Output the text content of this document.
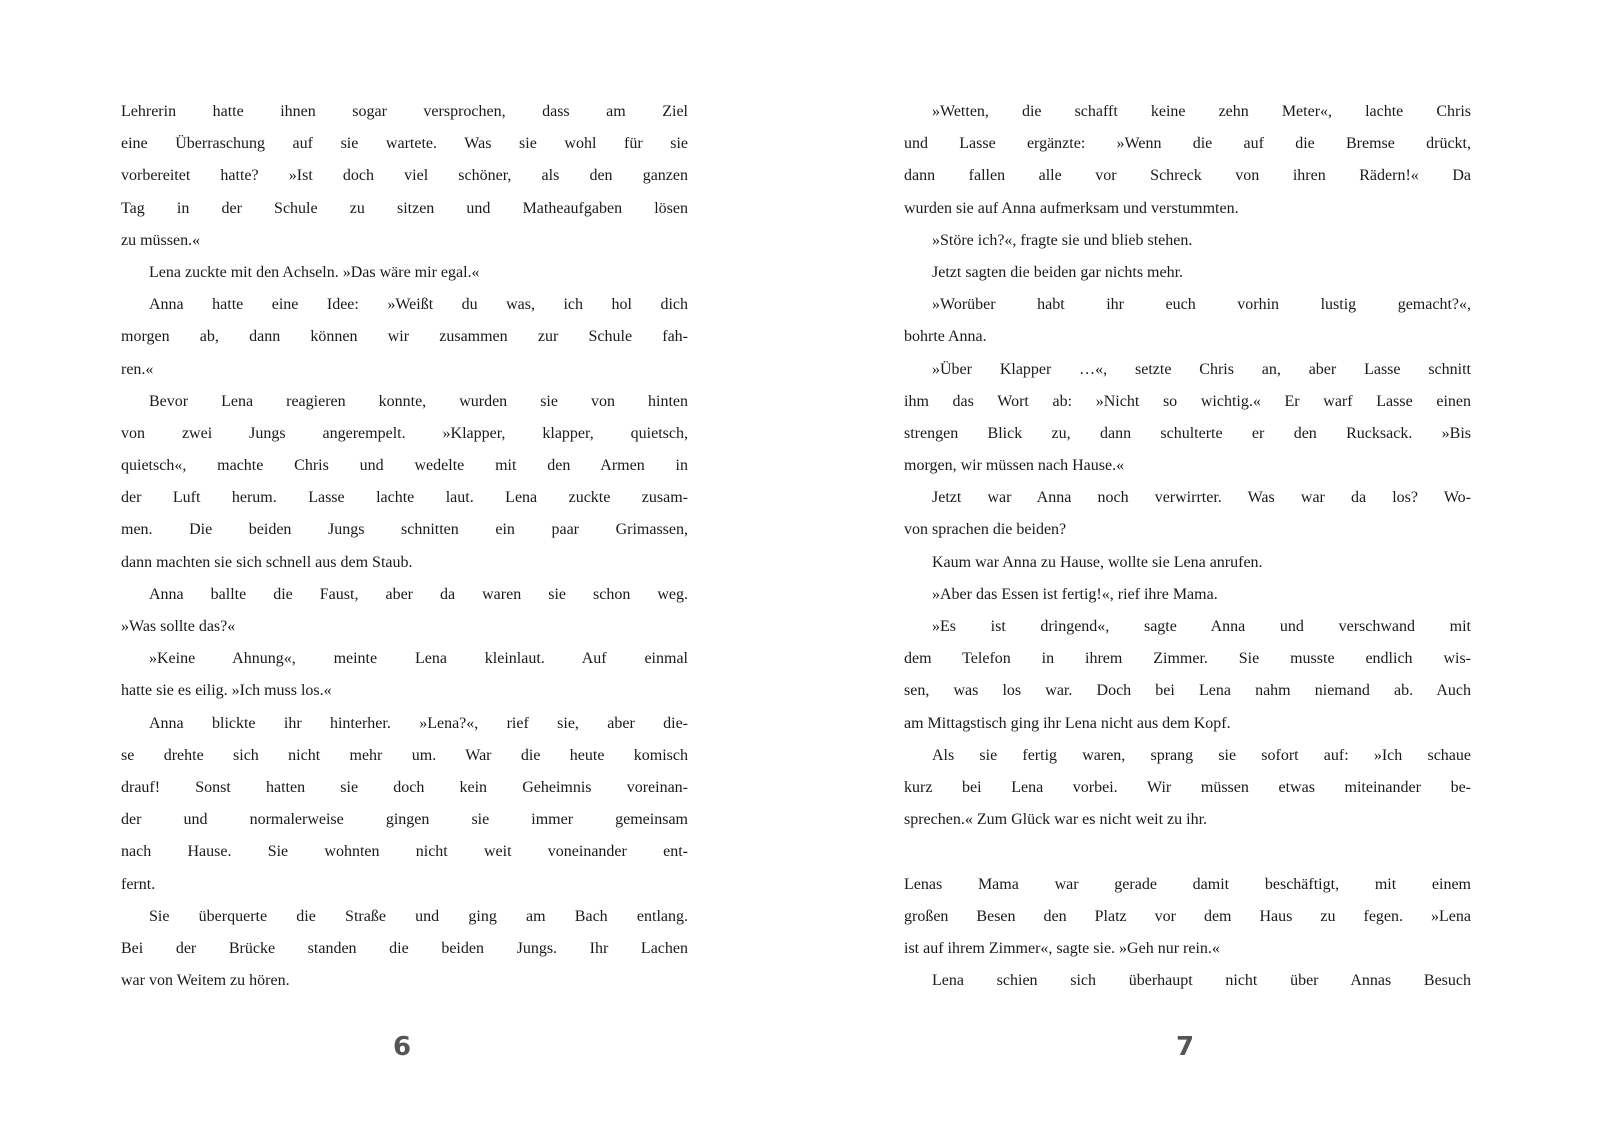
Lehrerin hatte ihnen sogar versprochen, dass am Ziel
eine Überraschung auf sie wartete. Was sie wohl für sie
vorbereitet hatte? »Ist doch viel schöner, als den ganzen
Tag in der Schule zu sitzen und Matheaufgaben lösen
zu müssen.«
Lena zuckte mit den Achseln. »Das wäre mir egal.«
Anna hatte eine Idee: »Weißt du was, ich hol dich
morgen ab, dann können wir zusammen zur Schule fah-
ren.«
Bevor Lena reagieren konnte, wurden sie von hinten
von zwei Jungs angerempelt. »Klapper, klapper, quietsch,
quietsch«, machte Chris und wedelte mit den Armen in
der Luft herum. Lasse lachte laut. Lena zuckte zusam-
men. Die beiden Jungs schnitten ein paar Grimassen,
dann machten sie sich schnell aus dem Staub.
Anna ballte die Faust, aber da waren sie schon weg.
»Was sollte das?«
»Keine Ahnung«, meinte Lena kleinlaut. Auf einmal
hatte sie es eilig. »Ich muss los.«
Anna blickte ihr hinterher. »Lena?«, rief sie, aber die-
se drehte sich nicht mehr um. War die heute komisch
drauf! Sonst hatten sie doch kein Geheimnis voreinan-
der und normalerweise gingen sie immer gemeinsam
nach Hause. Sie wohnten nicht weit voneinander ent-
fernt.
Sie überquerte die Straße und ging am Bach entlang.
Bei der Brücke standen die beiden Jungs. Ihr Lachen
war von Weitem zu hören.
»Wetten, die schafft keine zehn Meter«, lachte Chris
und Lasse ergänzte: »Wenn die auf die Bremse drückt,
dann fallen alle vor Schreck von ihren Rädern!« Da
wurden sie auf Anna aufmerksam und verstummten.
»Störe ich?«, fragte sie und blieb stehen.
Jetzt sagten die beiden gar nichts mehr.
»Worüber habt ihr euch vorhin lustig gemacht?«,
bohrte Anna.
»Über Klapper …«, setzte Chris an, aber Lasse schnitt
ihm das Wort ab: »Nicht so wichtig.« Er warf Lasse einen
strengen Blick zu, dann schulterte er den Rucksack. »Bis
morgen, wir müssen nach Hause.«
Jetzt war Anna noch verwirrter. Was war da los? Wo-
von sprachen die beiden?
Kaum war Anna zu Hause, wollte sie Lena anrufen.
»Aber das Essen ist fertig!«, rief ihre Mama.
»Es ist dringend«, sagte Anna und verschwand mit
dem Telefon in ihrem Zimmer. Sie musste endlich wis-
sen, was los war. Doch bei Lena nahm niemand ab. Auch
am Mittagstisch ging ihr Lena nicht aus dem Kopf.
Als sie fertig waren, sprang sie sofort auf: »Ich schaue
kurz bei Lena vorbei. Wir müssen etwas miteinander be-
sprechen.« Zum Glück war es nicht weit zu ihr.
Lenas Mama war gerade damit beschäftigt, mit einem
großen Besen den Platz vor dem Haus zu fegen. »Lena
ist auf ihrem Zimmer«, sagte sie. »Geh nur rein.«
Lena schien sich überhaupt nicht über Annas Besuch
6	7
